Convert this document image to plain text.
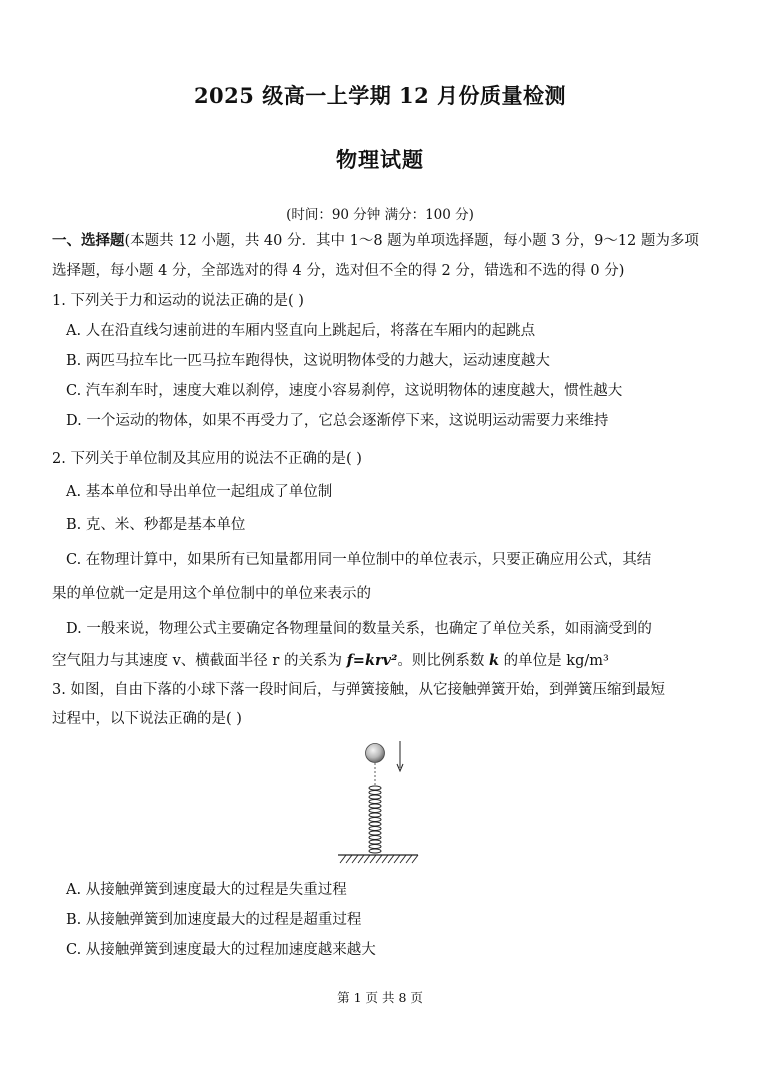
2025 级高一上学期 12 月份质量检测
物理试题
(时间：90 分钟 满分：100 分)
一、选择题(本题共 12 小题，共 40 分．其中 1～8 题为单项选择题，每小题 3 分，9～12 题为多项
选择题，每小题 4 分，全部选对的得 4 分，选对但不全的得 2 分，错选和不选的得 0 分)
1. 下列关于力和运动的说法正确的是( )
A. 人在沿直线匀速前进的车厢内竖直向上跳起后，将落在车厢内的起跳点
B. 两匹马拉车比一匹马拉车跑得快，这说明物体受的力越大，运动速度越大
C. 汽车刹车时，速度大难以刹停，速度小容易刹停，这说明物体的速度越大，惯性越大
D. 一个运动的物体，如果不再受力了，它总会逐渐停下来，这说明运动需要力来维持
2. 下列关于单位制及其应用的说法不正确的是( )
A. 基本单位和导出单位一起组成了单位制
B. 克、米、秒都是基本单位
C. 在物理计算中，如果所有已知量都用同一单位制中的单位表示，只要正确应用公式，其结
果的单位就一定是用这个单位制中的单位来表示的
D. 一般来说，物理公式主要确定各物理量间的数量关系，也确定了单位关系，如雨滴受到的
空气阻力与其速度 v、横截面半径 r 的关系为 f=krv²。则比例系数 k 的单位是 kg/m³
3. 如图，自由下落的小球下落一段时间后，与弹簧接触，从它接触弹簧开始，到弹簧压缩到最短
过程中，以下说法正确的是( )
A. 从接触弹簧到速度最大的过程是失重过程
B. 从接触弹簧到加速度最大的过程是超重过程
C. 从接触弹簧到速度最大的过程加速度越来越大
第 1 页 共 8 页
